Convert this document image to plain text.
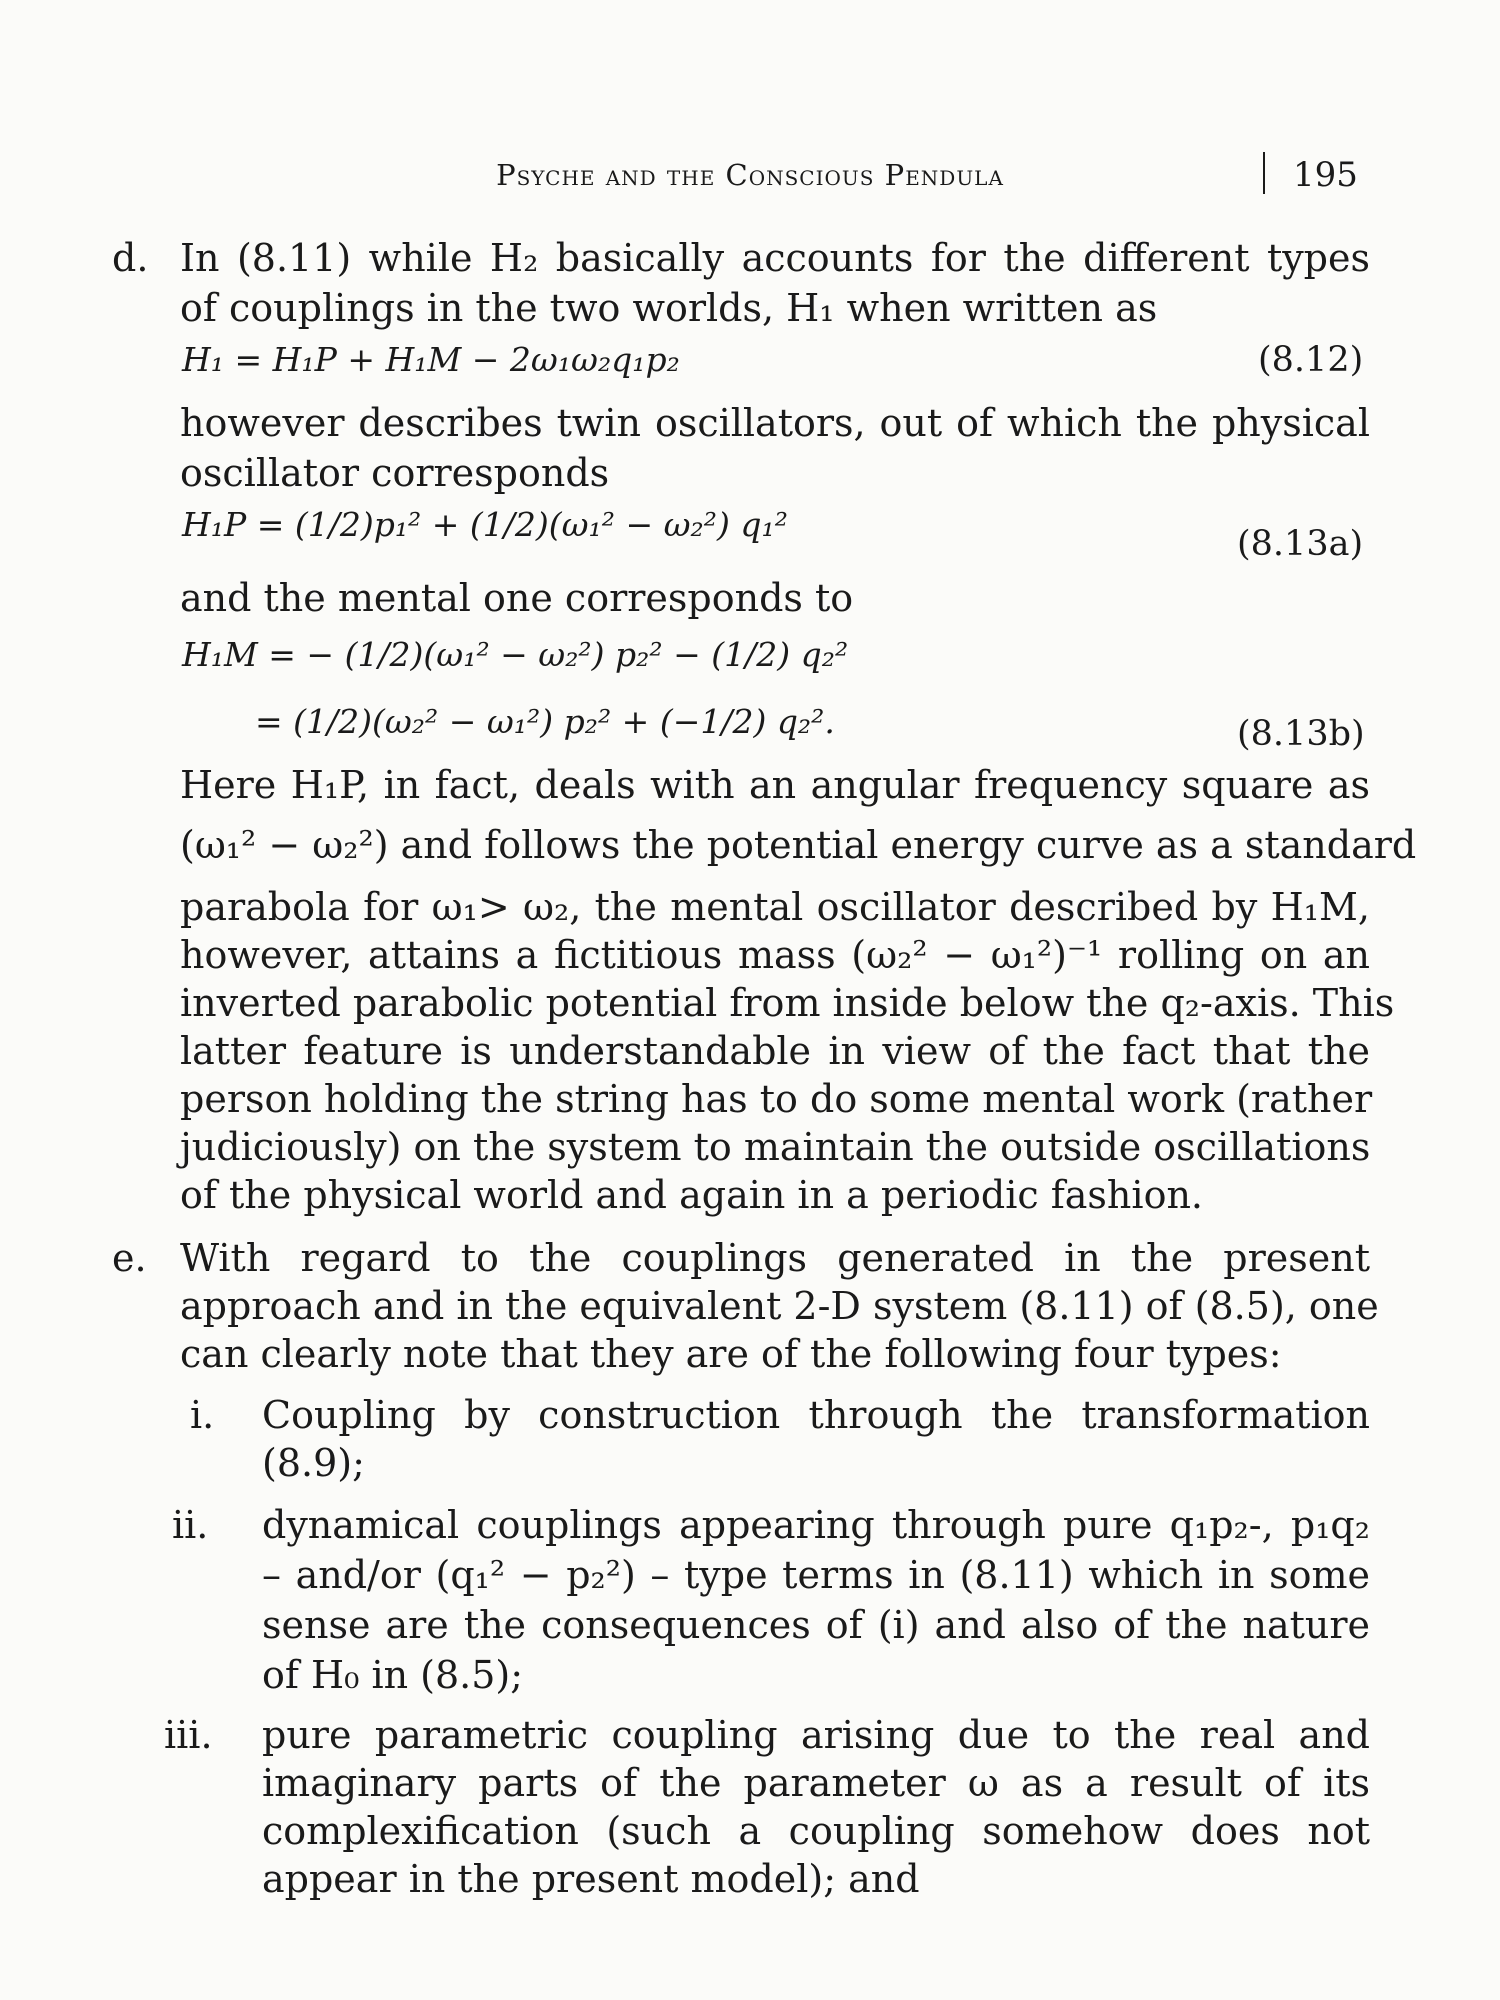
Psyche and the Conscious Pendula	195
d. In (8.11) while H₂ basically accounts for the different types
of couplings in the two worlds, H₁ when written as
H₁ = H₁P + H₁M − 2ω₁ω₂q₁p₂	(8.12)
however describes twin oscillators, out of which the physical
oscillator corresponds
H₁P = (1/2)p₁² + (1/2)(ω₁² − ω₂²) q₁²	(8.13a)
and the mental one corresponds to
H₁M = − (1/2)(ω₁² − ω₂²) p₂² − (1/2) q₂²
= (1/2)(ω₂² − ω₁²) p₂² + (−1/2) q₂².	(8.13b)
Here H₁P, in fact, deals with an angular frequency square as
(ω₁² − ω₂²) and follows the potential energy curve as a standard
parabola for ω₁> ω₂, the mental oscillator described by H₁M,
however, attains a fictitious mass (ω₂² − ω₁²)⁻¹ rolling on an
inverted parabolic potential from inside below the q₂-axis. This
latter feature is understandable in view of the fact that the
person holding the string has to do some mental work (rather
judiciously) on the system to maintain the outside oscillations
of the physical world and again in a periodic fashion.
e. With regard to the couplings generated in the present
approach and in the equivalent 2-D system (8.11) of (8.5), one
can clearly note that they are of the following four types:
i. Coupling by construction through the transformation
(8.9);
ii. dynamical couplings appearing through pure q₁p₂-, p₁q₂
– and/or (q₁² − p₂²) – type terms in (8.11) which in some
sense are the consequences of (i) and also of the nature
of H₀ in (8.5);
iii. pure parametric coupling arising due to the real and
imaginary parts of the parameter ω as a result of its
complexification (such a coupling somehow does not
appear in the present model); and
